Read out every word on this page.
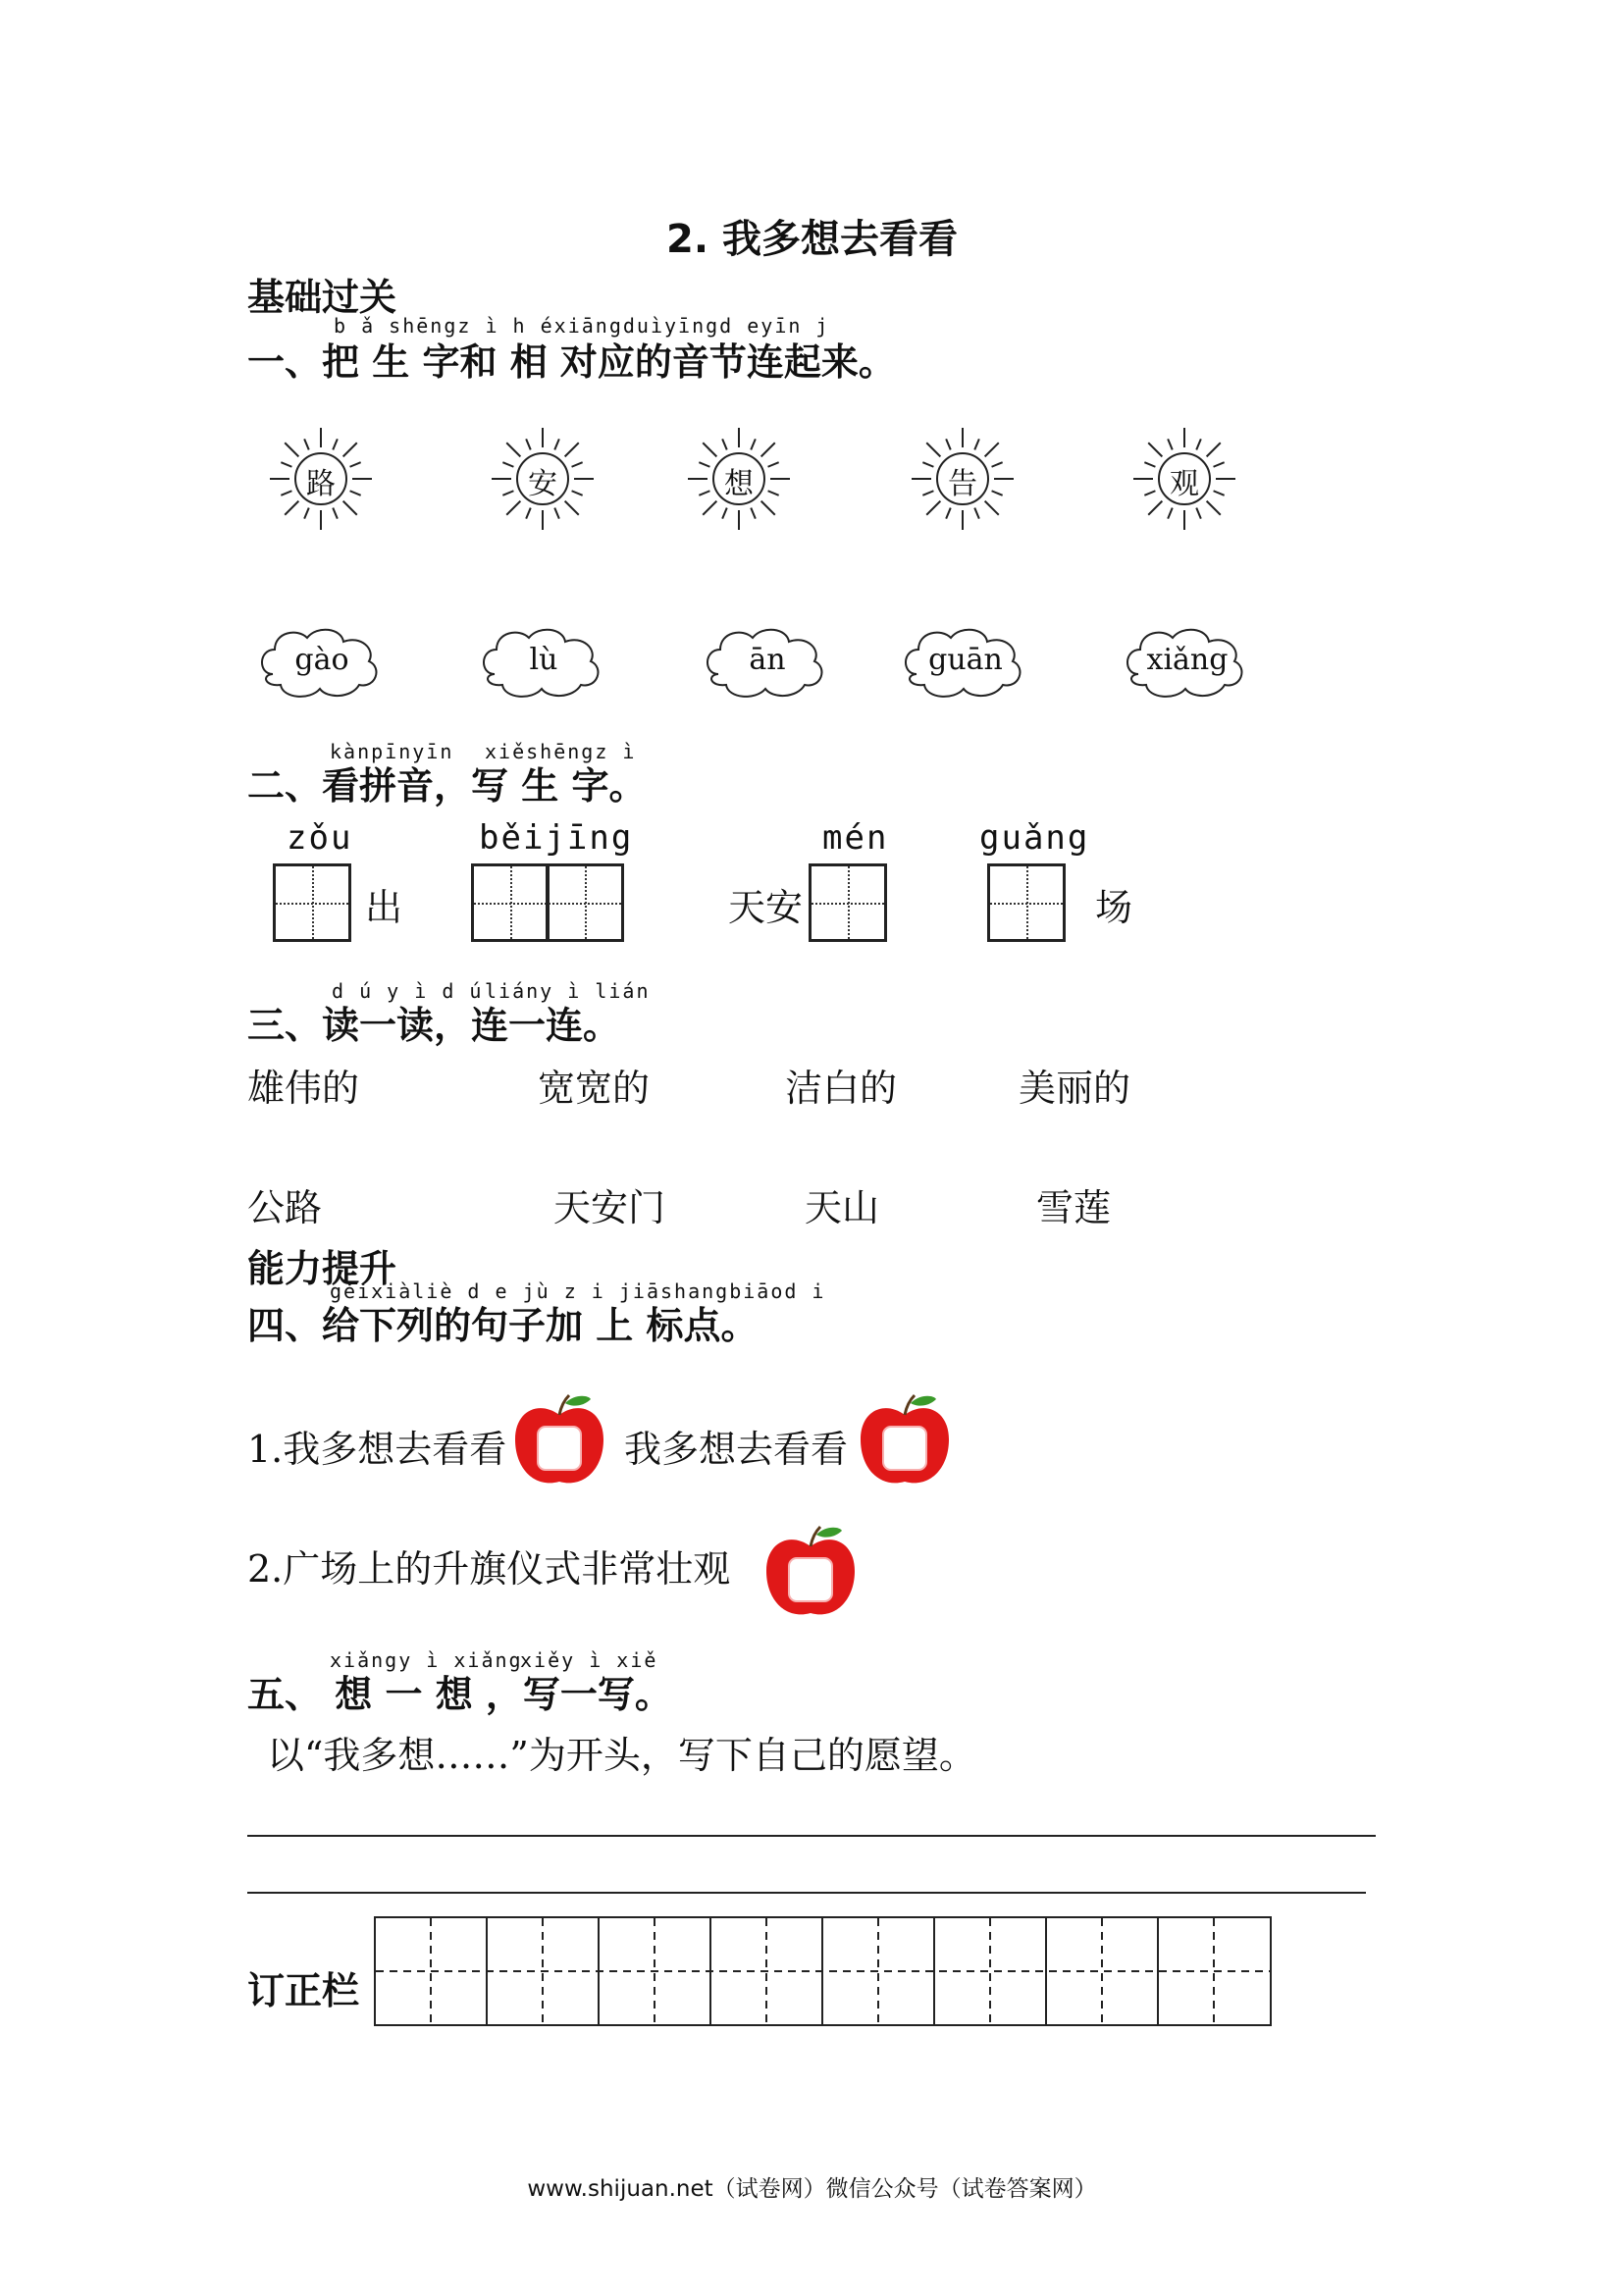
2. 我多想去看看
基础过关
b ǎ shēngz ì h éxiāngduìyīngd eyīn j
一、把 生 字和 相 对应的音节连起来。
路	安	想	告	观
gào	lù	ān	guān	xiǎng
kànpīnyīn xiěshēngz ì
二、看拼音，写 生 字。
zǒu
出
běijīng
天安
mén	guǎng
场
d ú y ì d ú liány ì lián
三、读一读，连一连。
雄伟的	宽宽的	洁白的	美丽的
公路	天安门	天山	雪莲
能力提升
gěixiàliè d e jù z i jiāshangbiāod i
四、给下列的句子加 上 标点。
1.我多想去看看	我多想去看看
2.广场上的升旗仪式非常壮观
xiǎngy ì xiǎng
xiěy ì xiě
五、 想 一 想 ，写一写。
以“我多想……”为开头，写下自己的愿望。
订正栏
www.shijuan.net（试卷网）微信公众号（试卷答案网）
